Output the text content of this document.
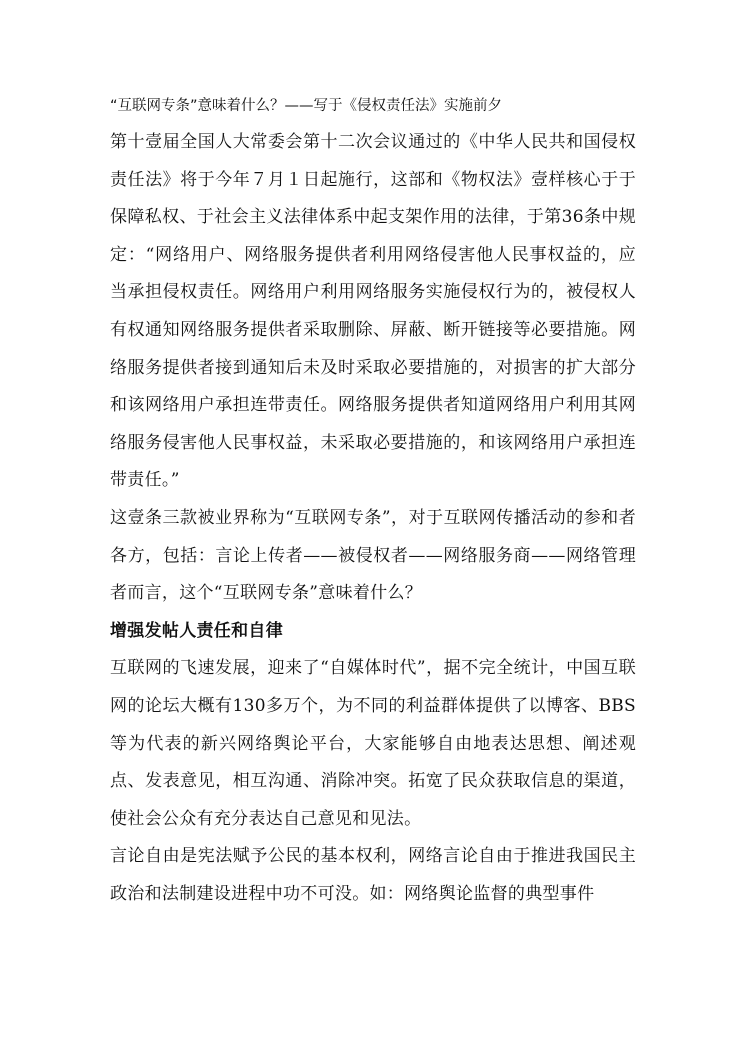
“互联网专条”意味着什么？——写于《侵权责任法》实施前夕

第十壹届全国人大常委会第十二次会议通过的《中华人民共和国侵权责任法》将于今年７月１日起施行，这部和《物权法》壹样核心于于保障私权、于社会主义法律体系中起支架作用的法律，于第36条中规定：“网络用户、网络服务提供者利用网络侵害他人民事权益的，应当承担侵权责任。网络用户利用网络服务实施侵权行为的，被侵权人有权通知网络服务提供者采取删除、屏蔽、断开链接等必要措施。网络服务提供者接到通知后未及时采取必要措施的，对损害的扩大部分和该网络用户承担连带责任。网络服务提供者知道网络用户利用其网络服务侵害他人民事权益，未采取必要措施的，和该网络用户承担连带责任。”

这壹条三款被业界称为“互联网专条”，对于互联网传播活动的参和者各方，包括：言论上传者——被侵权者——网络服务商——网络管理者而言，这个“互联网专条”意味着什么？

增强发帖人责任和自律

互联网的飞速发展，迎来了“自媒体时代”，据不完全统计，中国互联网的论坛大概有130多万个，为不同的利益群体提供了以博客、BBS等为代表的新兴网络舆论平台，大家能够自由地表达思想、阐述观点、发表意见，相互沟通、消除冲突。拓宽了民众获取信息的渠道，使社会公众有充分表达自己意见和见法。

言论自由是宪法赋予公民的基本权利，网络言论自由于推进我国民主政治和法制建设进程中功不可没。如：网络舆论监督的典型事件
